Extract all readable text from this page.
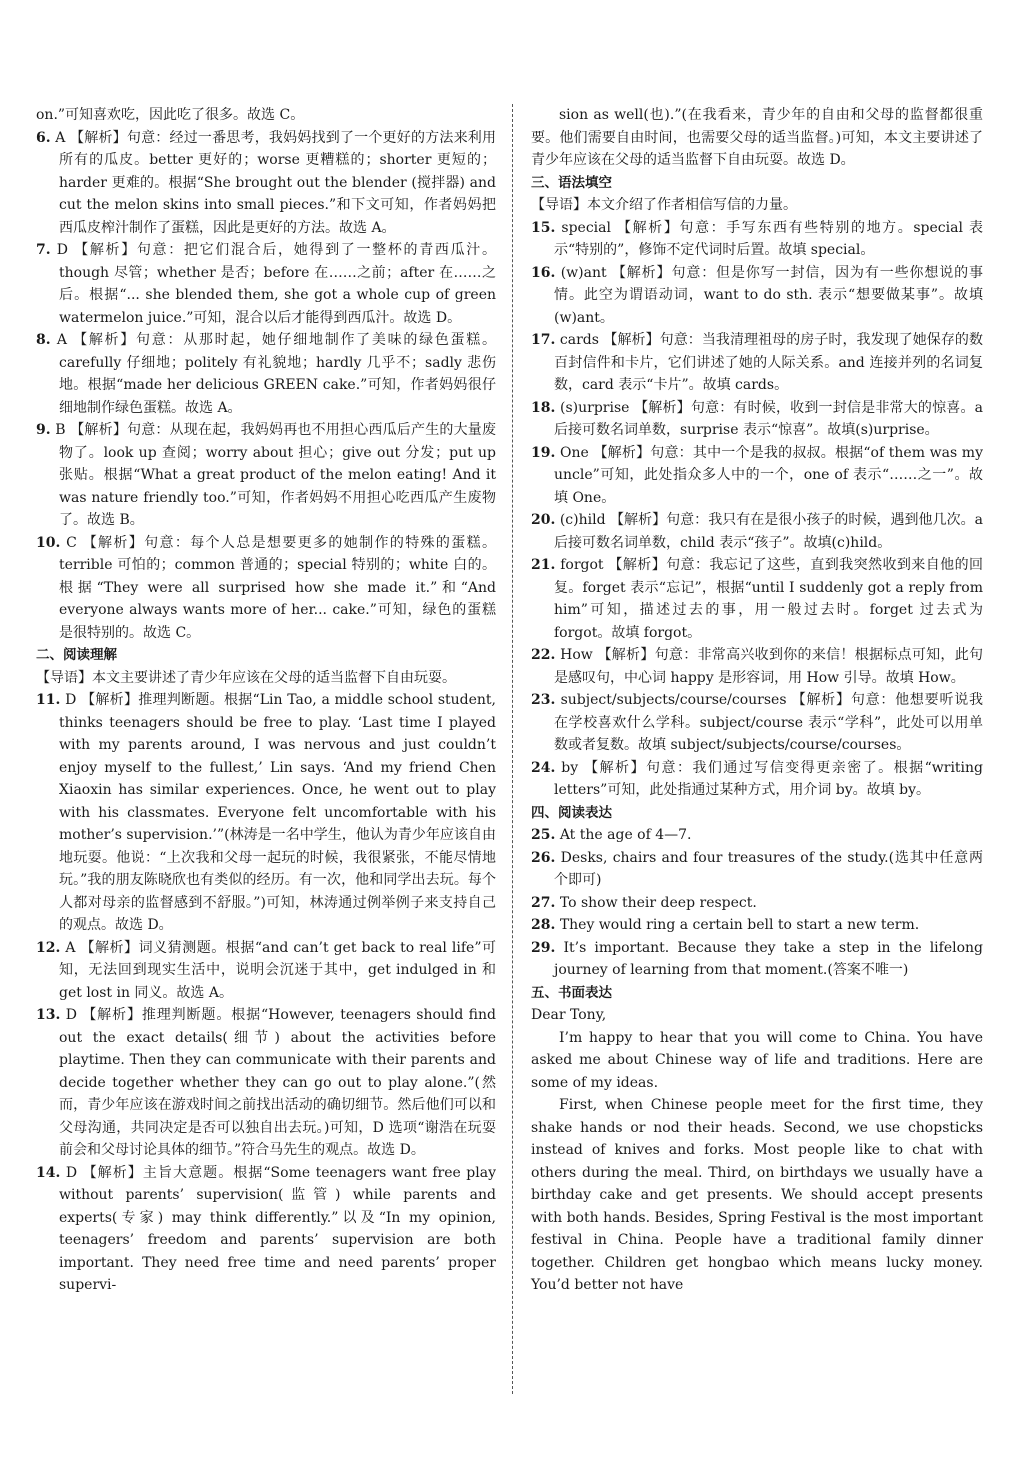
on.”可知喜欢吃，因此吃了很多。故选 C。

6. A 【解析】句意：经过一番思考，我妈妈找到了一个更好的方法来利用所有的瓜皮。better 更好的；worse 更糟糕的；shorter 更短的；harder 更难的。根据“She brought out the blender (搅拌器) and cut the melon skins into small pieces.”和下文可知，作者妈妈把西瓜皮榨汁制作了蛋糕，因此是更好的方法。故选 A。

7. D 【解析】句意：把它们混合后，她得到了一整杯的青西瓜汁。though 尽管；whether 是否；before 在……之前；after 在……之后。根据“... she blended them, she got a whole cup of green watermelon juice.”可知，混合以后才能得到西瓜汁。故选 D。

8. A 【解析】句意：从那时起，她仔细地制作了美味的绿色蛋糕。carefully 仔细地；politely 有礼貌地；hardly 几乎不；sadly 悲伤地。根据“made her delicious GREEN cake.”可知，作者妈妈很仔细地制作绿色蛋糕。故选 A。

9. B 【解析】句意：从现在起，我妈妈再也不用担心西瓜后产生的大量废物了。look up 查阅；worry about 担心；give out 分发；put up 张贴。根据“What a great product of the melon eating! And it was nature friendly too.”可知，作者妈妈不用担心吃西瓜产生废物了。故选 B。

10. C 【解析】句意：每个人总是想要更多的她制作的特殊的蛋糕。terrible 可怕的；common 普通的；special 特别的；white 白的。根据“They were all surprised how she made it.”和“And everyone always wants more of her... cake.”可知，绿色的蛋糕是很特别的。故选 C。

二、阅读理解

【导语】本文主要讲述了青少年应该在父母的适当监督下自由玩耍。

11. D 【解析】推理判断题。根据“Lin Tao, a middle school student, thinks teenagers should be free to play. ‘Last time I played with my parents around, I was nervous and just couldn’t enjoy myself to the fullest,’ Lin says. ‘And my friend Chen Xiaoxin has similar experiences. Once, he went out to play with his classmates. Everyone felt uncomfortable with his mother’s supervision.’”(林涛是一名中学生，他认为青少年应该自由地玩耍。他说：“上次我和父母一起玩的时候，我很紧张，不能尽情地玩。”我的朋友陈晓欣也有类似的经历。有一次，他和同学出去玩。每个人都对母亲的监督感到不舒服。”)可知，林涛通过例举例子来支持自己的观点。故选 D。

12. A 【解析】词义猜测题。根据“and can’t get back to real life”可知，无法回到现实生活中，说明会沉迷于其中，get indulged in 和 get lost in 同义。故选 A。

13. D 【解析】推理判断题。根据“However, teenagers should find out the exact details(细节) about the activities before playtime. Then they can communicate with their parents and decide together whether they can go out to play alone.”(然而，青少年应该在游戏时间之前找出活动的确切细节。然后他们可以和父母沟通，共同决定是否可以独自出去玩。)可知，D 选项“谢浩在玩耍前会和父母讨论具体的细节。”符合马先生的观点。故选 D。

14. D 【解析】主旨大意题。根据“Some teenagers want free play without parents’ supervision(监管) while parents and experts(专家) may think differently.”以及“In my opinion, teenagers’ freedom and parents’ supervision are both important. They need free time and need parents’ proper supervi-

sion as well(也).”(在我看来，青少年的自由和父母的监督都很重要。他们需要自由时间，也需要父母的适当监督。)可知，本文主要讲述了青少年应该在父母的适当监督下自由玩耍。故选 D。

三、语法填空

【导语】本文介绍了作者相信写信的力量。

15. special 【解析】句意：手写东西有些特别的地方。special 表示“特别的”，修饰不定代词时后置。故填 special。

16. (w)ant 【解析】句意：但是你写一封信，因为有一些你想说的事情。此空为谓语动词，want to do sth. 表示“想要做某事”。故填(w)ant。

17. cards 【解析】句意：当我清理祖母的房子时，我发现了她保存的数百封信件和卡片，它们讲述了她的人际关系。and 连接并列的名词复数，card 表示“卡片”。故填 cards。

18. (s)urprise 【解析】句意：有时候，收到一封信是非常大的惊喜。a 后接可数名词单数，surprise 表示“惊喜”。故填(s)urprise。

19. One 【解析】句意：其中一个是我的叔叔。根据“of them was my uncle”可知，此处指众多人中的一个，one of 表示“……之一”。故填 One。

20. (c)hild 【解析】句意：我只有在是很小孩子的时候，遇到他几次。a 后接可数名词单数，child 表示“孩子”。故填(c)hild。

21. forgot 【解析】句意：我忘记了这些，直到我突然收到来自他的回复。forget 表示“忘记”，根据“until I suddenly got a reply from him”可知，描述过去的事，用一般过去时。forget 过去式为 forgot。故填 forgot。

22. How 【解析】句意：非常高兴收到你的来信！根据标点可知，此句是感叹句，中心词 happy 是形容词，用 How 引导。故填 How。

23. subject/subjects/course/courses 【解析】句意：他想要听说我在学校喜欢什么学科。subject/course 表示“学科”，此处可以用单数或者复数。故填 subject/subjects/course/courses。

24. by 【解析】句意：我们通过写信变得更亲密了。根据“writing letters”可知，此处指通过某种方式，用介词 by。故填 by。

四、阅读表达

25. At the age of 4—7.

26. Desks, chairs and four treasures of the study.(选其中任意两个即可)

27. To show their deep respect.

28. They would ring a certain bell to start a new term.

29. It’s important. Because they take a step in the lifelong journey of learning from that moment.(答案不唯一)

五、书面表达

Dear Tony,

I’m happy to hear that you will come to China. You have asked me about Chinese way of life and traditions. Here are some of my ideas.

First, when Chinese people meet for the first time, they shake hands or nod their heads. Second, we use chopsticks instead of knives and forks. Most people like to chat with others during the meal. Third, on birthdays we usually have a birthday cake and get presents. We should accept presents with both hands. Besides, Spring Festival is the most important festival in China. People have a traditional family dinner together. Children get hongbao which means lucky money. You’d better not have
